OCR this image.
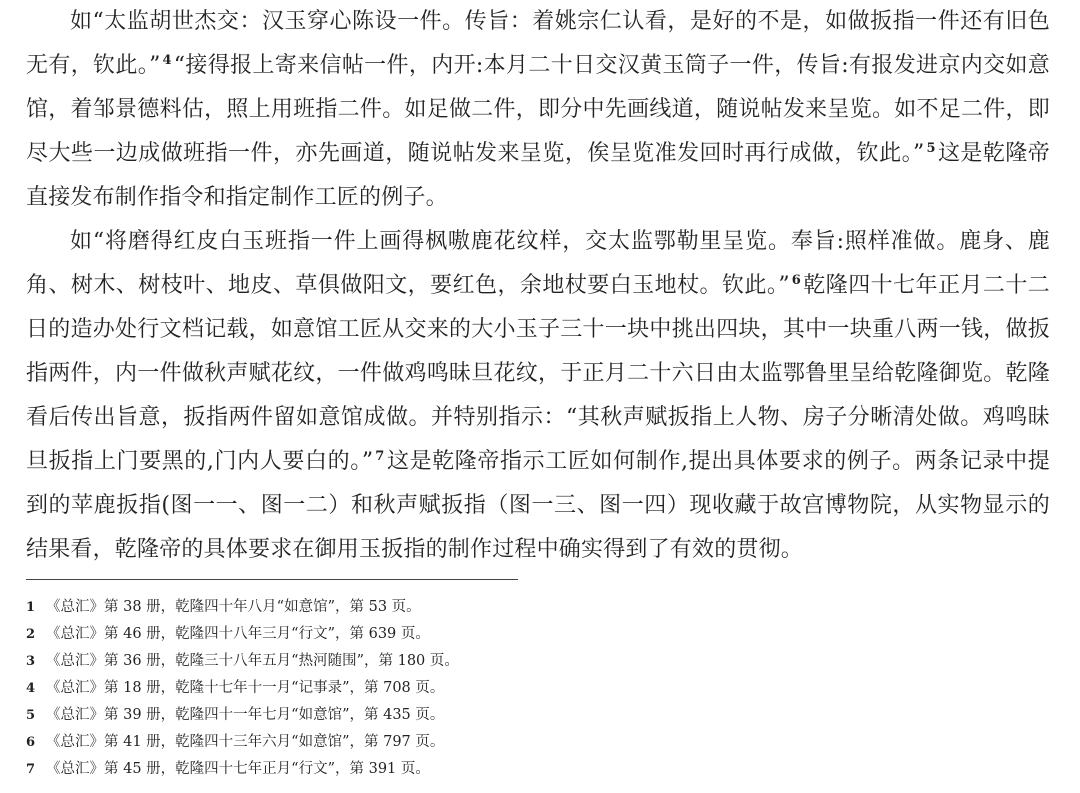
如“太监胡世杰交：汉玉穿心陈设一件。传旨：着姚宗仁认看，是好的不是，如做扳指一件还有旧色无有，钦此。” $^4$“接得报上寄来信帖一件，内开:本月二十日交汉黄玉筒子一件，传旨:有报发进京内交如意馆，着邹景德料估，照上用班指二件。如足做二件，即分中先画线道，随说帖发来呈览。如不足二件，即尽大些一边成做班指一件，亦先画道，随说帖发来呈览，俟呈览准发回时再行成做，钦此。” $^5$这是乾隆帝直接发布制作指令和指定制作工匠的例子。

如“将磨得红皮白玉班指一件上画得枫嗷鹿花纹样，交太监鄂勒里呈览。奉旨:照样准做。鹿身、鹿角、树木、树枝叶、地皮、草俱做阳文，要红色，余地杖要白玉地杖。钦此。” $^6$乾隆四十七年正月二十二日的造办处行文档记载，如意馆工匠从交来的大小玉子三十一块中挑出四块，其中一块重八两一钱，做扳指两件，内一件做秋声赋花纹，一件做鸡鸣昧旦花纹，于正月二十六日由太监鄂鲁里呈给乾隆御览。乾隆看后传出旨意，扳指两件留如意馆成做。并特别指示：“其秋声赋扳指上人物、房子分晰清处做。鸡鸣昧旦扳指上门要黑的,门内人要白的。” $^7$这是乾隆帝指示工匠如何制作,提出具体要求的例子。两条记录中提到的苹鹿扳指(图一一、图一二）和秋声赋扳指（图一三、图一四）现收藏于故宫博物院，从实物显示的结果看，乾隆帝的具体要求在御用玉扳指的制作过程中确实得到了有效的贯彻。

1 《总汇》第 38 册，乾隆四十年八月“如意馆”，第 53 页。
2 《总汇》第 46 册，乾隆四十八年三月“行文”，第 639 页。
3 《总汇》第 36 册，乾隆三十八年五月“热河随围”，第 180 页。
4 《总汇》第 18 册，乾隆十七年十一月“记事录”，第 708 页。
5 《总汇》第 39 册，乾隆四十一年七月“如意馆”，第 435 页。
6 《总汇》第 41 册，乾隆四十三年六月“如意馆”，第 797 页。
7 《总汇》第 45 册，乾隆四十七年正月“行文”，第 391 页。
